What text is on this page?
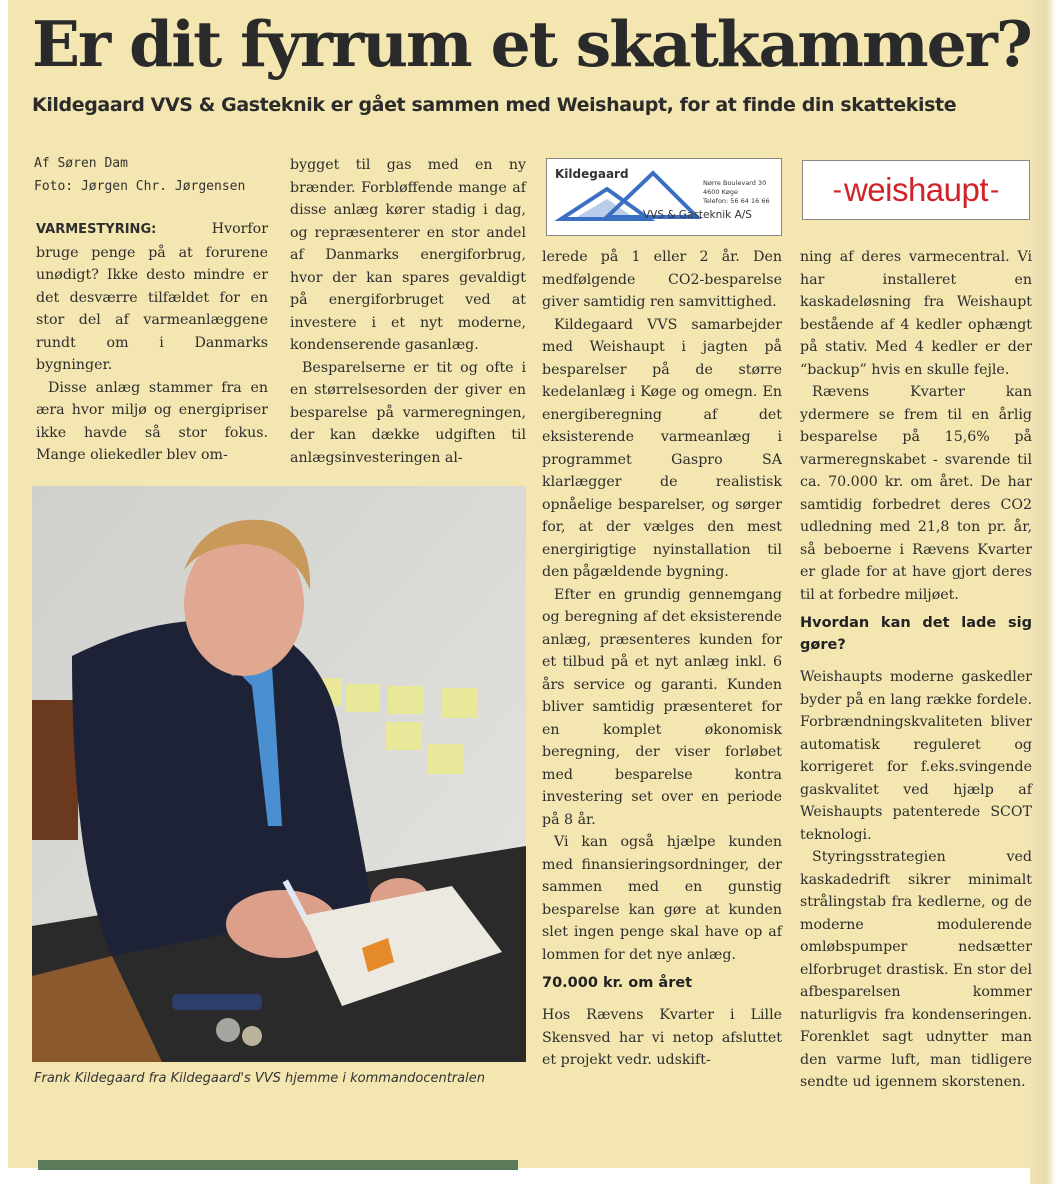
Er dit fyrrum et skatkammer?
Kildegaard VVS & Gasteknik er gået sammen med Weishaupt, for at finde din skattekiste
Af Søren Dam
Foto: Jørgen Chr. Jørgensen

VARMESTYRING:	Hvorfor bruge penge på at forurene unødigt? Ikke desto mindre er det desværre tilfældet for en stor del af varmeanlæggene rundt om i Danmarks bygninger.

Disse anlæg stammer fra en æra hvor miljø og energipriser ikke havde så stor fokus. Mange oliekedler blev om-

bygget til gas med en ny brænder. Forbløffende mange af disse anlæg kører stadig i dag, og repræsenterer en stor andel af Danmarks energiforbrug, hvor der kan spares gevaldigt på energiforbruget ved at investere i et nyt moderne, kondenserende gasanlæg.

Besparelserne er tit og ofte i en størrelsesorden der giver en besparelse på varmeregningen, der kan dække udgiften til anlægsinvesteringen al-

Kildegaard
VVS & Gasteknik A/S
Nørre Boulevard 30
4600 Køge
Telefon: 56 64 16 66 - weishaupt -

lerede på 1 eller 2 år. Den medfølgende CO2-besparelse giver samtidig ren samvittighed.

Kildegaard VVS samarbejder med Weishaupt i jagten på besparelser på de større kedelanlæg i Køge og omegn. En energiberegning af det eksisterende varmeanlæg i programmet Gaspro SA klarlægger de realistisk opnåelige besparelser, og sørger for, at der vælges den mest energirigtige nyinstallation til den pågældende bygning.

Efter en grundig gennemgang og beregning af det eksisterende anlæg, præsenteres kunden for et tilbud på et nyt anlæg inkl. 6 års service og garanti. Kunden bliver samtidig præsenteret for en komplet økonomisk beregning, der viser forløbet med besparelse kontra investering set over en periode på 8 år.

Vi kan også hjælpe kunden med finansieringsordninger, der sammen med en gunstig besparelse kan gøre at kunden slet ingen penge skal have op af lommen for det nye anlæg.

70.000 kr. om året

Hos Rævens Kvarter i Lille Skensved har vi netop afsluttet et projekt vedr. udskift-

ning af deres varmecentral. Vi har installeret en kaskadeløsning fra Weishaupt bestående af 4 kedler ophængt på stativ. Med 4 kedler er der “backup” hvis en skulle fejle.

Rævens Kvarter kan ydermere se frem til en årlig besparelse på 15,6% på varmeregnskabet - svarende til ca. 70.000 kr. om året. De har samtidig forbedret deres CO2 udledning med 21,8 ton pr. år, så beboerne i Rævens Kvarter er glade for at have gjort deres til at forbedre miljøet.

Hvordan kan det lade sig gøre?

Weishaupts moderne gaskedler byder på en lang række fordele. Forbrændningskvaliteten bliver automatisk reguleret og korrigeret for f.eks.svingende gaskvalitet ved hjælp af Weishaupts patenterede SCOT teknologi.

Styringsstrategien ved kaskadedrift sikrer minimalt strålingstab fra kedlerne, og de moderne modulerende omløbspumper nedsætter elforbruget drastisk. En stor del afbesparelsen kommer naturligvis fra kondenseringen. Forenklet sagt udnytter man den varme luft, man tidligere sendte ud igennem skorstenen.

Frank Kildegaard fra Kildegaard's VVS hjemme i kommandocentralen
